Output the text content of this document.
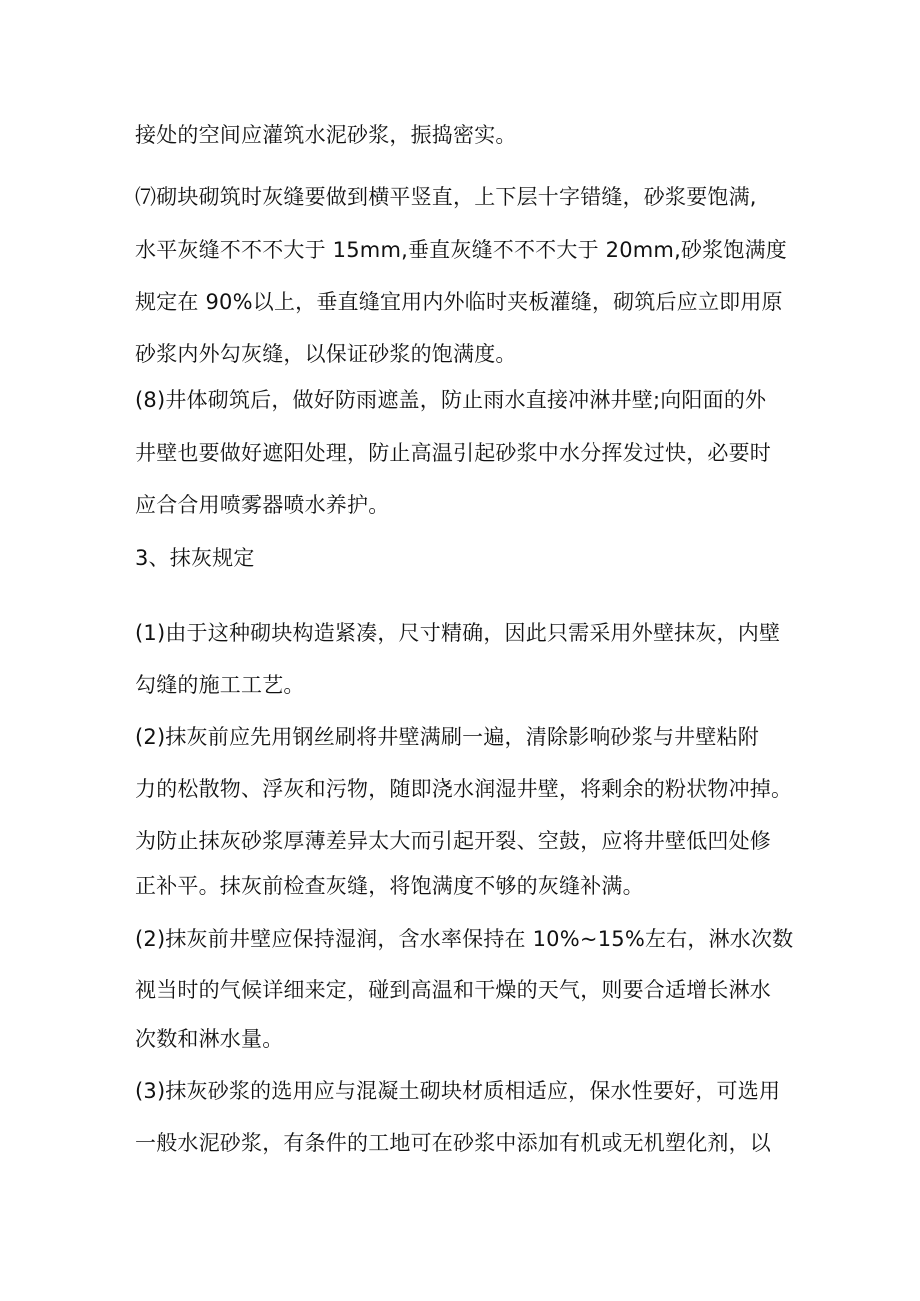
接处的空间应灌筑水泥砂浆，振捣密实。
⑺砌块砌筑时灰缝要做到横平竖直，上下层十字错缝，砂浆要饱满,
水平灰缝不不不大于 15mm,垂直灰缝不不不大于 20mm,砂浆饱满度
规定在 90%以上，垂直缝宜用内外临时夹板灌缝，砌筑后应立即用原
砂浆内外勾灰缝，以保证砂浆的饱满度。
(8)井体砌筑后，做好防雨遮盖，防止雨水直接冲淋井壁;向阳面的外
井壁也要做好遮阳处理，防止高温引起砂浆中水分挥发过快，必要时
应合合用喷雾器喷水养护。
3、抹灰规定
(1)由于这种砌块构造紧凑，尺寸精确，因此只需采用外壁抹灰，内壁
勾缝的施工工艺。
(2)抹灰前应先用钢丝刷将井壁满刷一遍，清除影响砂浆与井壁粘附
力的松散物、浮灰和污物，随即浇水润湿井壁，将剩余的粉状物冲掉。
为防止抹灰砂浆厚薄差异太大而引起开裂、空鼓，应将井壁低凹处修
正补平。抹灰前检查灰缝，将饱满度不够的灰缝补满。
(2)抹灰前井壁应保持湿润，含水率保持在 10%~15%左右，淋水次数
视当时的气候详细来定，碰到高温和干燥的天气，则要合适增长淋水
次数和淋水量。
(3)抹灰砂浆的选用应与混凝土砌块材质相适应，保水性要好，可选用
一般水泥砂浆，有条件的工地可在砂浆中添加有机或无机塑化剂，以
